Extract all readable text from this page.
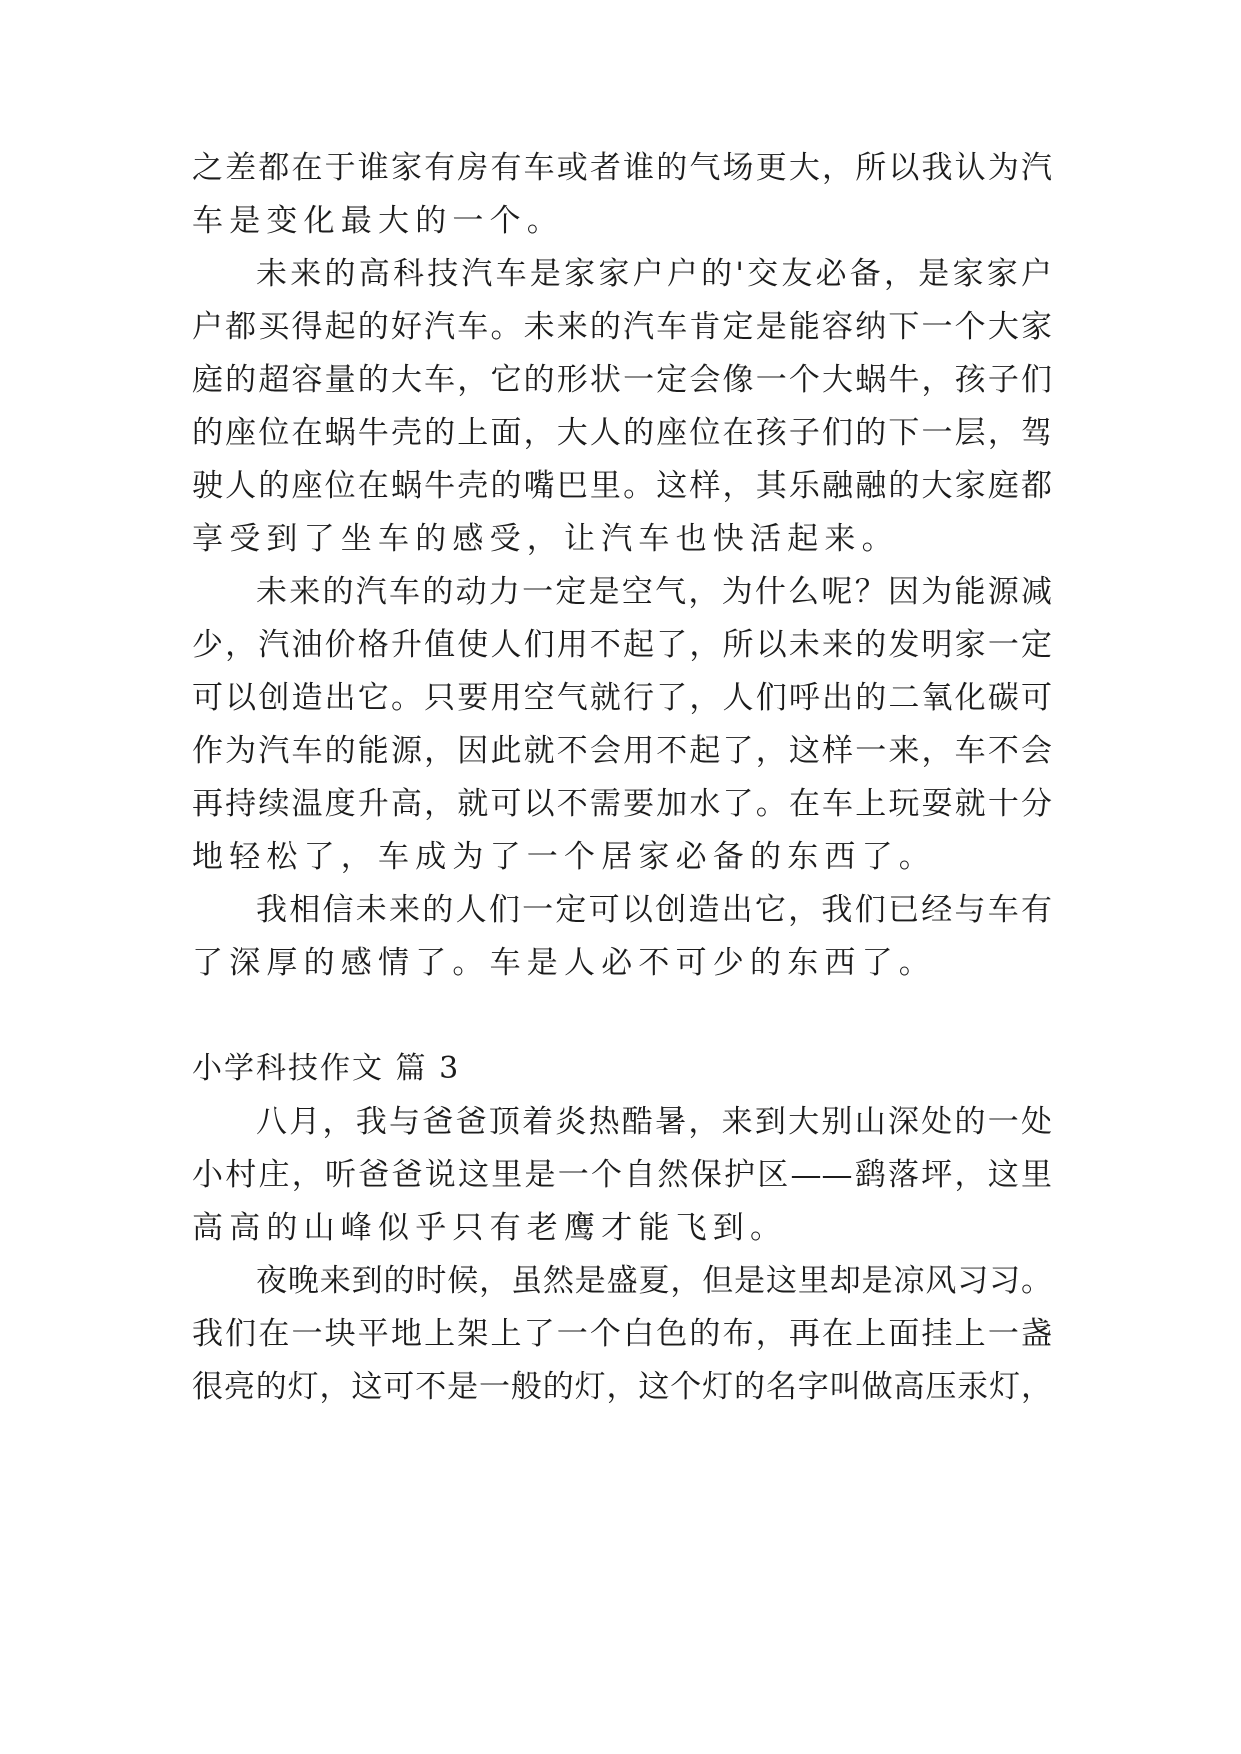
之差都在于谁家有房有车或者谁的气场更大，所以我认为汽
车是变化最大的一个。
未来的高科技汽车是家家户户的'交友必备，是家家户
户都买得起的好汽车。未来的汽车肯定是能容纳下一个大家
庭的超容量的大车，它的形状一定会像一个大蜗牛，孩子们
的座位在蜗牛壳的上面，大人的座位在孩子们的下一层，驾
驶人的座位在蜗牛壳的嘴巴里。这样，其乐融融的大家庭都
享受到了坐车的感受，让汽车也快活起来。
未来的汽车的动力一定是空气，为什么呢？因为能源减
少，汽油价格升值使人们用不起了，所以未来的发明家一定
可以创造出它。只要用空气就行了，人们呼出的二氧化碳可
作为汽车的能源，因此就不会用不起了，这样一来，车不会
再持续温度升高，就可以不需要加水了。在车上玩耍就十分
地轻松了，车成为了一个居家必备的东西了。
我相信未来的人们一定可以创造出它，我们已经与车有
了深厚的感情了。车是人必不可少的东西了。
小学科技作文 篇 3
八月，我与爸爸顶着炎热酷暑，来到大别山深处的一处
小村庄，听爸爸说这里是一个自然保护区——鹞落坪，这里
高高的山峰似乎只有老鹰才能飞到。
夜晚来到的时候，虽然是盛夏，但是这里却是凉风习习。
我们在一块平地上架上了一个白色的布，再在上面挂上一盏
很亮的灯，这可不是一般的灯，这个灯的名字叫做高压汞灯，
